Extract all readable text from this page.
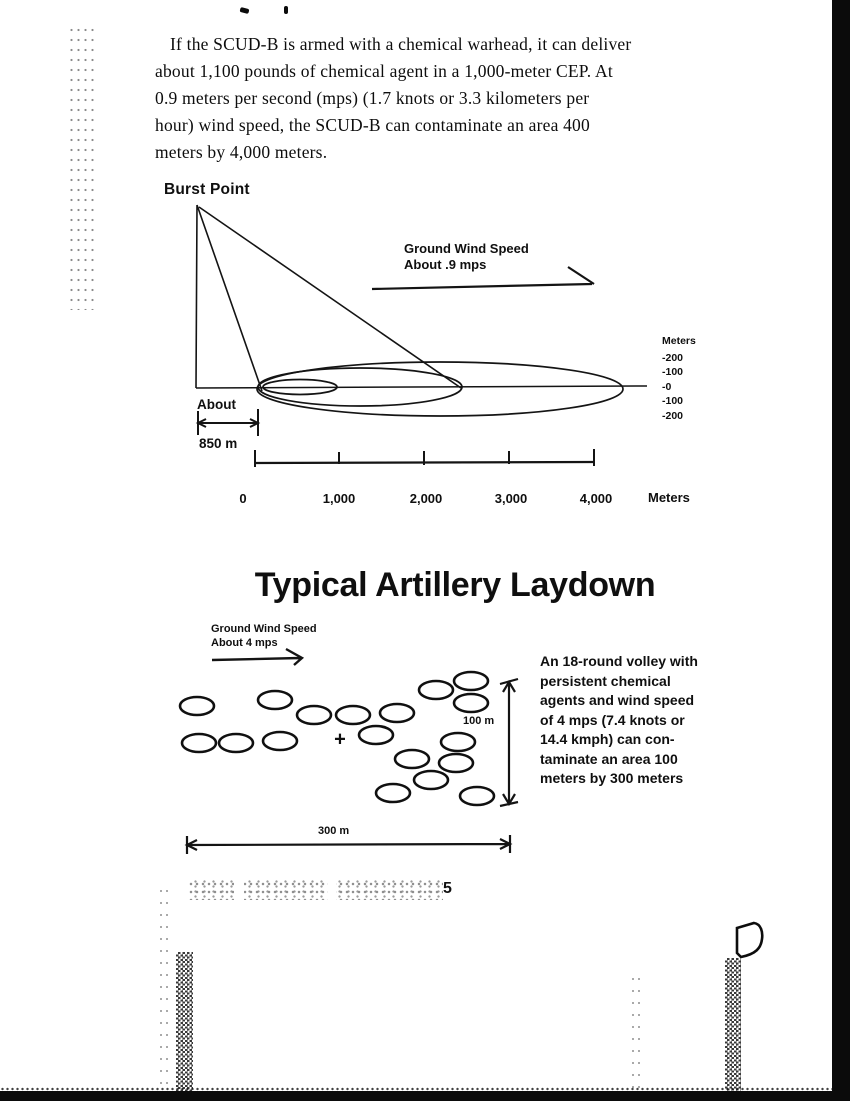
If the SCUD-B is armed with a chemical warhead, it can deliver
about 1,100 pounds of chemical agent in a 1,000-meter CEP. At
0.9 meters per second (mps) (1.7 knots or 3.3 kilometers per
hour) wind speed, the SCUD-B can contaminate an area 400
meters by 4,000 meters.
Burst Point
Ground Wind Speed
About .9 mps
About
850 m
Meters
-200
-100
-0
-100
-200
0	1,000	2,000	3,000	4,000	Meters
Typical Artillery Laydown
Ground Wind Speed
About 4 mps
+
100 m
300 m
An 18-round volley with
persistent chemical
agents and wind speed
of 4 mps (7.4 knots or
14.4 kmph) can con-
taminate an area 100
meters by 300 meters
5
